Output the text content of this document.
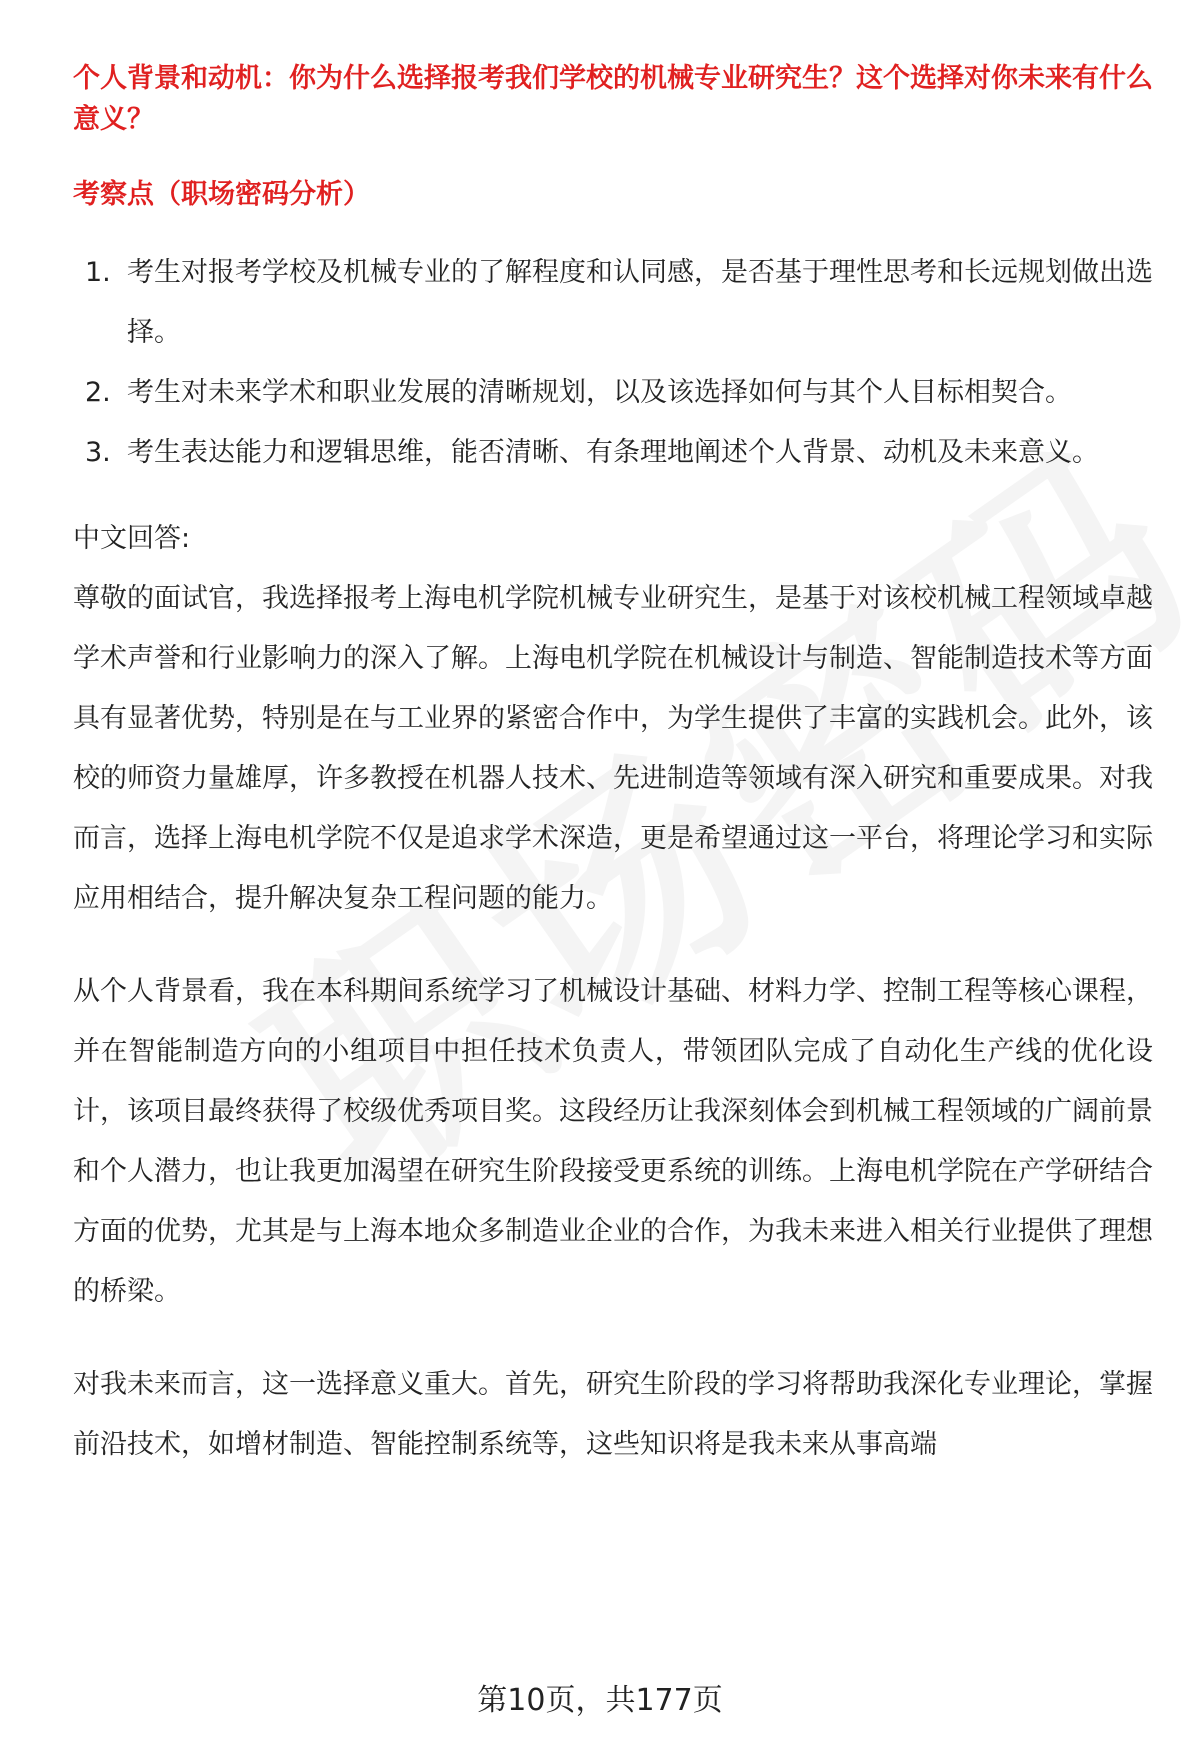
个人背景和动机：你为什么选择报考我们学校的机械专业研究生？这个选择对你未来有什么意义？

考察点（职场密码分析）

1. 考生对报考学校及机械专业的了解程度和认同感，是否基于理性思考和长远规划做出选择。
2. 考生对未来学术和职业发展的清晰规划，以及该选择如何与其个人目标相契合。
3. 考生表达能力和逻辑思维，能否清晰、有条理地阐述个人背景、动机及未来意义。

中文回答:

尊敬的面试官，我选择报考上海电机学院机械专业研究生，是基于对该校机械工程领域卓越学术声誉和行业影响力的深入了解。上海电机学院在机械设计与制造、智能制造技术等方面具有显著优势，特别是在与工业界的紧密合作中，为学生提供了丰富的实践机会。此外，该校的师资力量雄厚，许多教授在机器人技术、先进制造等领域有深入研究和重要成果。对我而言，选择上海电机学院不仅是追求学术深造，更是希望通过这一平台，将理论学习和实际应用相结合，提升解决复杂工程问题的能力。

从个人背景看，我在本科期间系统学习了机械设计基础、材料力学、控制工程等核心课程，并在智能制造方向的小组项目中担任技术负责人，带领团队完成了自动化生产线的优化设计，该项目最终获得了校级优秀项目奖。这段经历让我深刻体会到机械工程领域的广阔前景和个人潜力，也让我更加渴望在研究生阶段接受更系统的训练。上海电机学院在产学研结合方面的优势，尤其是与上海本地众多制造业企业的合作，为我未来进入相关行业提供了理想的桥梁。

对我未来而言，这一选择意义重大。首先，研究生阶段的学习将帮助我深化专业理论，掌握前沿技术，如增材制造、智能控制系统等，这些知识将是我未来从事高端

第10页，共177页
